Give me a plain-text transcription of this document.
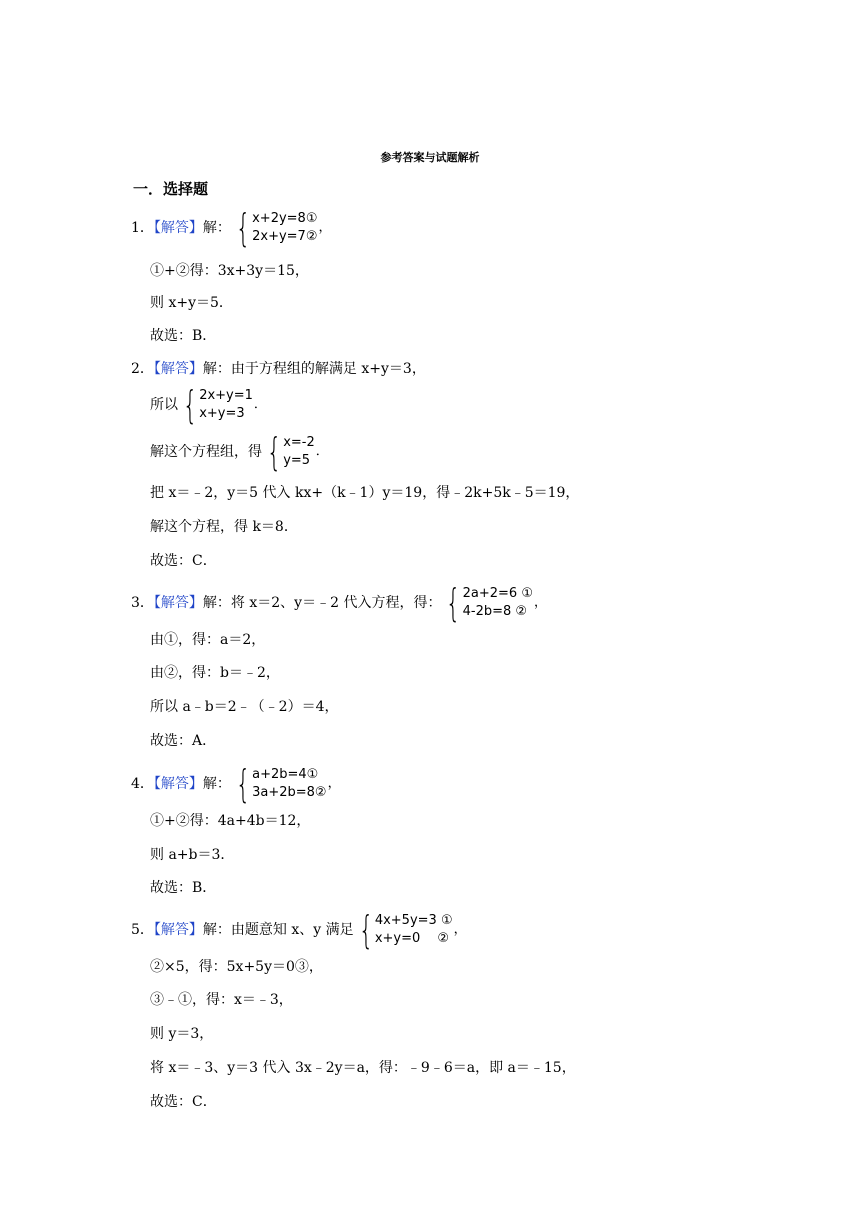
参考答案与试题解析
一．选择题
1．【解答】解： { x+2y=8①
2x+y=7②
，
①+②得：3x+3y＝15，
则 x+y＝5．
故选：B．
2．【解答】解：由于方程组的解满足 x+y＝3，
所以 { 2x+y=1
x+y=3
．
解这个方程组，得 { x=-2
y=5
．
把 x＝﹣2，y＝5 代入 kx+（k﹣1）y＝19，得﹣2k+5k﹣5＝19，
解这个方程，得 k＝8．
故选：C．
3．【解答】解：将 x＝2、y＝﹣2 代入方程，得： { 2a+2=6 ①
4-2b=8 ②
，
由①，得：a＝2，
由②，得：b＝﹣2，
所以 a﹣b＝2﹣（﹣2）＝4，
故选：A．
4．【解答】解： { a+2b=4①
3a+2b=8②
，
①+②得：4a+4b＝12，
则 a+b＝3．
故选：B．
5．【解答】解：由题意知 x、y 满足 { 4x+5y=3 ①
x+y=0　 ②
，
②×5，得：5x+5y＝0③，
③﹣①，得：x＝﹣3，
则 y＝3，
将 x＝﹣3、y＝3 代入 3x﹣2y＝a，得：﹣9﹣6＝a，即 a＝﹣15，
故选：C．
